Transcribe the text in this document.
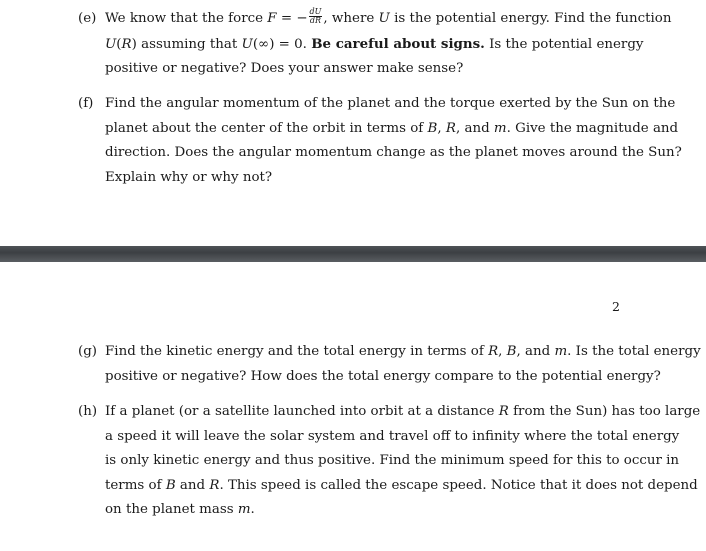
(e) We know that the force F = − $\frac{dU}{dR}$ , where U is the potential energy. Find the function
U(R) assuming that U(∞) = 0. Be careful about signs. Is the potential energy
positive or negative? Does your answer make sense?
(f) Find the angular momentum of the planet and the torque exerted by the Sun on the
planet about the center of the orbit in terms of B, R, and m. Give the magnitude and
direction. Does the angular momentum change as the planet moves around the Sun?
Explain why or why not?
2
(g) Find the kinetic energy and the total energy in terms of R, B, and m. Is the total energy
positive or negative? How does the total energy compare to the potential energy?
(h) If a planet (or a satellite launched into orbit at a distance R from the Sun) has too large
a speed it will leave the solar system and travel off to infinity where the total energy
is only kinetic energy and thus positive. Find the minimum speed for this to occur in
terms of B and R. This speed is called the escape speed. Notice that it does not depend
on the planet mass m.
